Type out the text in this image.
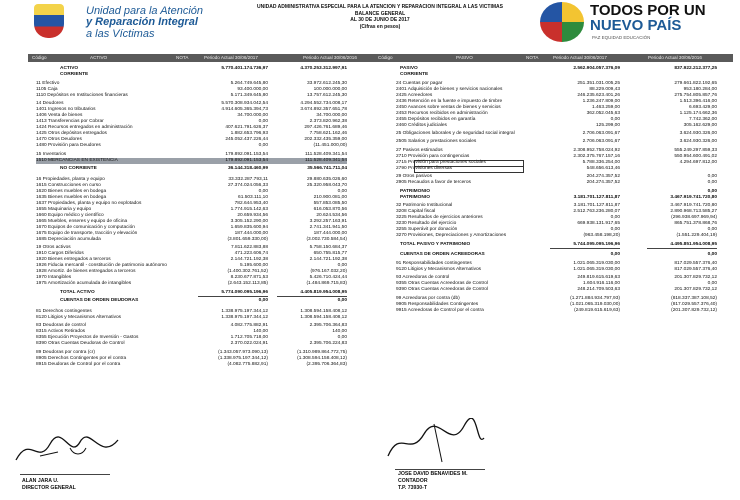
Unidad para la Atención
y Reparación Integral
a las Víctimas
UNIDAD ADMINISTRATIVA ESPECIAL PARA LA ATENCION Y REPARACION INTEGRAL A LAS VICTIMAS
BALANCE GENERAL
AL 30 DE JUNIO DE 2017
(Cifras en pesos)
TODOS POR UN
NUEVO PAÍS
PAZ EQUIDAD EDUCACIÓN
Código	ACTIVO	NOTA	Periodo Actual 30/06/2017	Periodo Actual 30/06/2016	Código	PASIVO	NOTA	Periodo Actual 30/06/2017	Periodo Actual 30/06/2016
ACTIVO	5.770.401.174.736,97	4.370.253.312.997,91
CORRIENTE
11 Efectivo	5.264.749.645,80	33.972.612.245,30
1105 Caja	93.400.000,00	100.000.000,00
1110 Depósitos en Instituciones financieras	5.171.349.645,80	13.757.612.245,30
14 Deudores	5.570.308.934.042,54	4.294.552.734.008,17
1401 Ingresos no tributarios	4.914.605.365.394,73	3.674.892.357.651,78
1406 Venta de bienes	34.700.000,00	34.700.000,00
1413 Transferencias por Cobrar	0,00	2.373.820.962,38
1424 Recursos entregados en administración	407.621.791.626,37	297.426.761.689,46
1425 Otros depósitos entregados	1.882.653.796,93	7.758.621.162,46
1470 Otros Deudores	245.052.437.226,44	202.332.435.359,00
1480 Provisión para Deudores	0,00	(11.451.000,00)
15 Inventarios	179.892.091.153,54	111.528.409.341,54
1510 MERCANCIAS EN EXISTENCIA	179.892.091.153,54	111.528.409.341,54
NO CORRIENTE	36.144.318.460,99	35.566.741.711,04
16 Propiedades, planta y equipo	33.332.287.793,11	29.880.635.026,60
1615 Construcciones en curso	27.374.024.056,33	25.320.958.043,70
1620 Bienes muebles en bodega	0,00	0,00
1635 Bienes muebles en bodega	61.503.111,10	210.900.081,00
1637 Propiedades, planta y equipo no explotados	782.644.953,40	557.853.085,50
1655 Maquinaria y equipo	1.774.915.142,63	616.053.870,56
1660 Equipo médico y científico	20.659.934,56	20.624.534,56
1665 Muebles, enseres y equipo de oficina	3.305.152.290,00	3.292.257.163,91
1670 Equipos de comunicación y computación	1.659.835.600,94	2.741.341.941,50
1675 Equipo de transporte, tracción y elevación	187.444.000,00	187.444.000,00
1685 Depreciación acumulada	(3.801.659.330,00)	(3.002.730.584,54)
19 Otros activos	7.811.622.883,88	5.758.150.684,37
1910 Cargos Diferidos	471.223.606,74	650.755.815,77
1920 Bienes entregados a terceros	2.144.721.192,38	2.144.721.192,38
1926 Fiducia mercantil - constitución de patrimonio autónomo	5.195.600,00	0,00
1928 Amortiz. de bienes entregados a terceros	(1.400.302.761,52)	(976.167.032,20)
1970 Intangibles	8.230.677.871,53	5.426.710.424,44
1975 Amortización acumulada de intangibles	(2.643.152.113,85)	(1.484.869.715,83)
TOTAL ACTIVO	5.774.090.095.196,96	4.405.819.954.008,95
CUENTAS DE ORDEN DEUDORAS	0,00	0,00
81 Derechos contingentes	1.338.975.197.344,12	1.308.594.158.408,12
8120 Litigios y Mecanismos Alternativos	1.338.975.197.344,12	1.308.594.158.408,12
83 Deudoras de control	4.082.775.882,91	2.395.706.364,83
8315 Activos Retirados	140,00	140,00
8355 Ejecución Proyectos de Inversión - Gastos	1.712.705.718,00	0,00
8390 Otras Cuentas Deudoras de Control	2.370.022.024,91	2.395.706.224,83
89 Deudoras por contra (cr)	(1.343.057.973.090,13)	(1.310.989.864.772,75)
8905 Derechos Contingentes por el contra	(1.338.975.197.344,12)	(1.308.594.158.408,12)
8915 Deudoras de Control por el contra	(4.082.775.882,91)	(2.395.706.364,83)
PASIVO	2.562.904.057.376,09	837.922.212.377,25
CORRIENTE
24 Cuentas por pagar	251.351.031.005,25	279.661.822.192,65
2401 Adquisición de bienes y servicios nacionales	88.229.009,43	953.180.284,00
2425 Acreedores	246.235.623.401,26	275.754.805.857,76
2436 Retención en la fuente e impuesto de timbre	1.236.247.809,00	1.513.396.416,00
2450 Avances sobre ventas de bienes y servicios	1.463.259,00	6.693.429,00
2453 Recursos recibidos en administración	362.052.045,63	1.125.174.662,36
2455 Depósitos recibidos en garantía	0,00	7.742.362,00
2460 Créditos judiciales	125.299,00	305.162.629,00
25 Obligaciones laborales y de seguridad social integral	2.706.063.091,67	3.624.930.326,00
2505 Salarios y prestaciones sociales	2.706.063.091,67	3.624.930.326,00
27 Pasivos estimados	2.308.952.758.024,92	555.249.297.859,33
2710 Provisión para contingencias	2.302.375.767.157,16	550.954.600.491,02
2715 Provisión para prestaciones sociales	5.788.336.254,00	4.294.697.812,00
2790 Provisiones diversas	548.656.613,46
29 Otros pasivos	204.274.357,52	0,00
2905 Recaudos a favor de terceros	204.274.357,52	0,00
PATRIMONIO	0,00
PATRIMONIO	3.181.701.127.811,87	3.467.919.741.720,80
32 Patrimonio Institucional	3.181.701.127.811,87	3.467.919.741.720,80
3208 Capital fiscal	2.512.763.236.280,07	2.890.968.713.585,27
3225 Resultados de ejercicios anteriores	0,00	(296.938.697.969,94)
3230 Resultado del ejercicio	669.938.131.917,65	865.751.378.868,76
3255 Superávit por donación	0,00	0,00
3270 Provisiones, Depreciaciones y Amortizaciones	(963.458.198,20)	(1.551.229.404,19)
TOTAL PASIVO Y PATRIMONIO	5.744.095.095.196,96	4.495.851.954.008,95
CUENTAS DE ORDEN ACREEDORAS	0,00	0,00
91 Responsabilidades contingentes	1.021.065.319.030,00	817.029.557.376,40
9120 Litigios y Mecanismos Alternativos	1.021.065.319.030,00	817.029.557.376,40
93 Acreedoras de control	249.819.615.619,63	201.307.829.732,12
9355 Otras Cuentas Acreedoras de Control	1.604.916.116,00	0,00
9390 Otras Cuentas Acreedoras de Control	248.214.709.503,63	201.307.829.732,12
99 Acreedoras por contra (db)	(1.271.884.934.797,93)	(818.337.387.108,52)
9905 Responsabilidades Contingentes	(1.021.065.319.030,00)	(817.029.557.376,40)
9915 Acreedoras de Control por el contra	(249.819.615.619,63)	(201.307.829.732,12)
ALAN JARA U.
DIRECTOR GENERAL
JOSE DAVID BENAVIDES M.
CONTADOR
T.P. 73930-T
